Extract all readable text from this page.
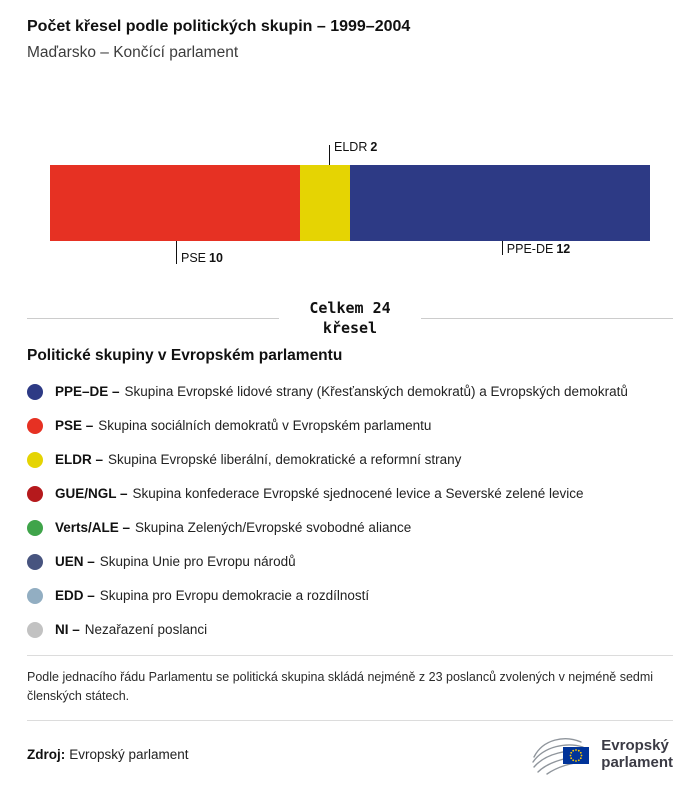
Počet křesel podle politických skupin – 1999–2004
Maďarsko – Končící parlament
ELDR 2
PSE 10
PPE-DE 12
Celkem 24
křesel
Politické skupiny v Evropském parlamentu
PPE–DE – Skupina Evropské lidové strany (Křesťanských demokratů) a Evropských demokratů
PSE – Skupina sociálních demokratů v Evropském parlamentu
ELDR – Skupina Evropské liberální, demokratické a reformní strany
GUE/NGL – Skupina konfederace Evropské sjednocené levice a Severské zelené levice
Verts/ALE – Skupina Zelených/Evropské svobodné aliance
UEN – Skupina Unie pro Evropu národů
EDD – Skupina pro Evropu demokracie a rozdílností
NI – Nezařazení poslanci
Podle jednacího řádu Parlamentu se politická skupina skládá nejméně z 23 poslanců zvolených v nejméně sedmi členských státech.
Zdroj: Evropský parlament
Evropský
parlament
